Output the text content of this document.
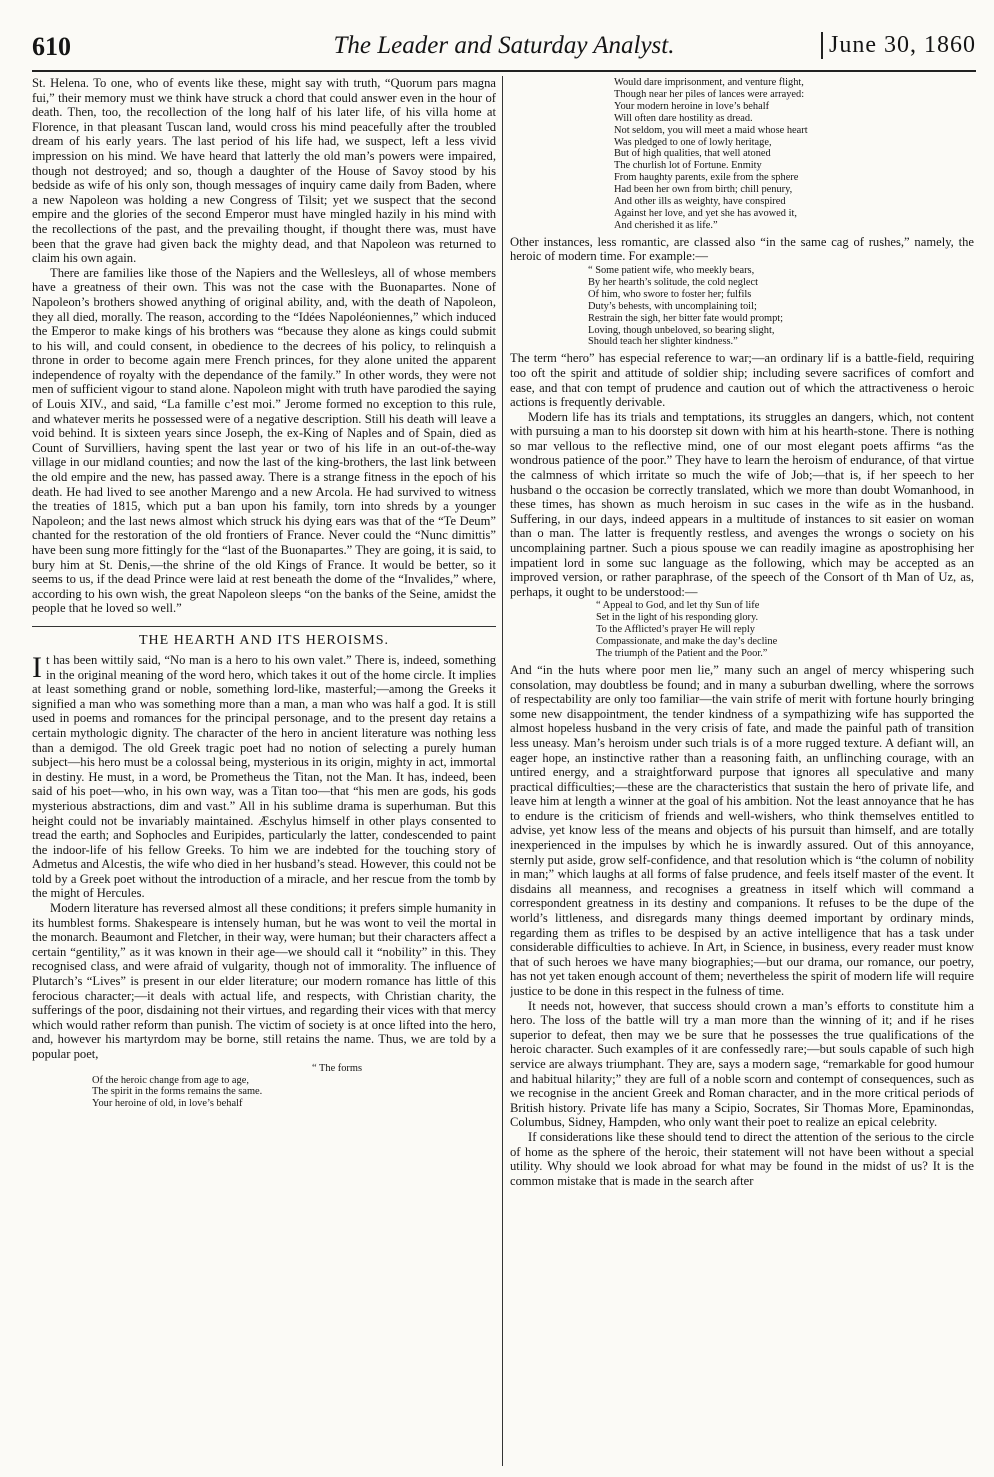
610	The Leader and Saturday Analyst.	June 30, 1860

St. Helena. To one, who of events like these, might say with truth, “Quorum pars magna fui,” their memory must we think have struck a chord that could answer even in the hour of death. Then, too, the recollection of the long half of his later life, of his villa home at Florence, in that pleasant Tuscan land, would cross his mind peacefully after the troubled dream of his early years. The last period of his life had, we suspect, left a less vivid impression on his mind. We have heard that latterly the old man’s powers were impaired, though not destroyed; and so, though a daughter of the House of Savoy stood by his bedside as wife of his only son, though messages of inquiry came daily from Baden, where a new Napoleon was holding a new Congress of Tilsit; yet we suspect that the second empire and the glories of the second Emperor must have mingled hazily in his mind with the recollections of the past, and the prevailing thought, if thought there was, must have been that the grave had given back the mighty dead, and that Napoleon was returned to claim his own again.

There are families like those of the Napiers and the Wellesleys, all of whose members have a greatness of their own. This was not the case with the Buonapartes. None of Napoleon’s brothers showed anything of original ability, and, with the death of Napoleon, they all died, morally. The reason, according to the “Idées Napoléoniennes,” which induced the Emperor to make kings of his brothers was “because they alone as kings could submit to his will, and could consent, in obedience to the decrees of his policy, to relinquish a throne in order to become again mere French princes, for they alone united the apparent independence of royalty with the dependance of the family.” In other words, they were not men of sufficient vigour to stand alone. Napoleon might with truth have parodied the saying of Louis XIV., and said, “La famille c’est moi.” Jerome formed no exception to this rule, and whatever merits he possessed were of a negative description. Still his death will leave a void behind. It is sixteen years since Joseph, the ex-King of Naples and of Spain, died as Count of Survilliers, having spent the last year or two of his life in an out-of-the-way village in our midland counties; and now the last of the king-brothers, the last link between the old empire and the new, has passed away. There is a strange fitness in the epoch of his death. He had lived to see another Marengo and a new Arcola. He had survived to witness the treaties of 1815, which put a ban upon his family, torn into shreds by a younger Napoleon; and the last news almost which struck his dying ears was that of the “Te Deum” chanted for the restoration of the old frontiers of France. Never could the “Nunc dimittis” have been sung more fittingly for the “last of the Buonapartes.” They are going, it is said, to bury him at St. Denis,—the shrine of the old Kings of France. It would be better, so it seems to us, if the dead Prince were laid at rest beneath the dome of the “Invalides,” where, according to his own wish, the great Napoleon sleeps “on the banks of the Seine, amidst the people that he loved so well.”

THE HEARTH AND ITS HEROISMS.

It has been wittily said, “No man is a hero to his own valet.” There is, indeed, something in the original meaning of the word hero, which takes it out of the home circle. It implies at least something grand or noble, something lord-like, masterful;—among the Greeks it signified a man who was something more than a man, a man who was half a god. It is still used in poems and romances for the principal personage, and to the present day retains a certain mythologic dignity. The character of the hero in ancient literature was nothing less than a demigod. The old Greek tragic poet had no notion of selecting a purely human subject—his hero must be a colossal being, mysterious in its origin, mighty in act, immortal in destiny. He must, in a word, be Prometheus the Titan, not the Man. It has, indeed, been said of his poet—who, in his own way, was a Titan too—that “his men are gods, his gods mysterious abstractions, dim and vast.” All in his sublime drama is superhuman. But this height could not be invariably maintained. Æschylus himself in other plays consented to tread the earth; and Sophocles and Euripides, particularly the latter, condescended to paint the indoor-life of his fellow Greeks. To him we are indebted for the touching story of Admetus and Alcestis, the wife who died in her husband’s stead. However, this could not be told by a Greek poet without the introduction of a miracle, and her rescue from the tomb by the might of Hercules.

Modern literature has reversed almost all these conditions; it prefers simple humanity in its humblest forms. Shakespeare is intensely human, but he was wont to veil the mortal in the monarch. Beaumont and Fletcher, in their way, were human; but their characters affect a certain “gentility,” as it was known in their age—we should call it “nobility” in this. They recognised class, and were afraid of vulgarity, though not of immorality. The influence of Plutarch’s “Lives” is present in our elder literature; our modern romance has little of this ferocious character;—it deals with actual life, and respects, with Christian charity, the sufferings of the poor, disdaining not their virtues, and regarding their vices with that mercy which would rather reform than punish. The victim of society is at once lifted into the hero, and, however his martyrdom may be borne, still retains the name. Thus, we are told by a popular poet,

“ The forms
Of the heroic change from age to age,
The spirit in the forms remains the same.
Your heroine of old, in love’s behalf
Would dare imprisonment, and venture flight,
Though near her piles of lances were arrayed:
Your modern heroine in love’s behalf
Will often dare hostility as dread.
Not seldom, you will meet a maid whose heart
Was pledged to one of lowly heritage,
But of high qualities, that well atoned
The churlish lot of Fortune. Enmity
From haughty parents, exile from the sphere
Had been her own from birth; chill penury,
And other ills as weighty, have conspired
Against her love, and yet she has avowed it,
And cherished it as life.”

Other instances, less romantic, are classed also “in the same cag of rushes,” namely, the heroic of modern time. For example:—

“ Some patient wife, who meekly bears,
By her hearth’s solitude, the cold neglect
Of him, who swore to foster her; fulfils
Duty’s behests, with uncomplaining toil;
Restrain the sigh, her bitter fate would prompt;
Loving, though unbeloved, so bearing slight,
Should teach her slighter kindness.”

The term “hero” has especial reference to war;—an ordinary lif is a battle-field, requiring too oft the spirit and attitude of soldier ship; including severe sacrifices of comfort and ease, and that con tempt of prudence and caution out of which the attractiveness o heroic actions is frequently derivable.

Modern life has its trials and temptations, its struggles an dangers, which, not content with pursuing a man to his doorstep sit down with him at his hearth-stone. There is nothing so mar vellous to the reflective mind, one of our most elegant poets affirms “as the wondrous patience of the poor.” They have to learn the heroism of endurance, of that virtue the calmness of which irritate so much the wife of Job;—that is, if her speech to her husband o the occasion be correctly translated, which we more than doubt Womanhood, in these times, has shown as much heroism in suc cases in the wife as in the husband. Suffering, in our days, indeed appears in a multitude of instances to sit easier on woman than o man. The latter is frequently restless, and avenges the wrongs o society on his uncomplaining partner. Such a pious spouse we can readily imagine as apostrophising her impatient lord in some suc language as the following, which may be accepted as an improved version, or rather paraphrase, of the speech of the Consort of th Man of Uz, as, perhaps, it ought to be understood:—

“ Appeal to God, and let thy Sun of life
Set in the light of his responding glory.
To the Afflicted’s prayer He will reply
Compassionate, and make the day’s decline
The triumph of the Patient and the Poor.”

And “in the huts where poor men lie,” many such an angel of mercy whispering such consolation, may doubtless be found; and in many a suburban dwelling, where the sorrows of respectability are only too familiar—the vain strife of merit with fortune hourly bringing some new disappointment, the tender kindness of a sympathizing wife has supported the almost hopeless husband in the very crisis of fate, and made the painful path of transition less uneasy. Man’s heroism under such trials is of a more rugged texture. A defiant will, an eager hope, an instinctive rather than a reasoning faith, an unflinching courage, with an untired energy, and a straightforward purpose that ignores all speculative and many practical difficulties;—these are the characteristics that sustain the hero of private life, and leave him at length a winner at the goal of his ambition. Not the least annoyance that he has to endure is the criticism of friends and well-wishers, who think themselves entitled to advise, yet know less of the means and objects of his pursuit than himself, and are totally inexperienced in the impulses by which he is inwardly assured. Out of this annoyance, sternly put aside, grow self-confidence, and that resolution which is “the column of nobility in man;” which laughs at all forms of false prudence, and feels itself master of the event. It disdains all meanness, and recognises a greatness in itself which will command a correspondent greatness in its destiny and companions. It refuses to be the dupe of the world’s littleness, and disregards many things deemed important by ordinary minds, regarding them as trifles to be despised by an active intelligence that has a task under considerable difficulties to achieve. In Art, in Science, in business, every reader must know that of such heroes we have many biographies;—but our drama, our romance, our poetry, has not yet taken enough account of them; nevertheless the spirit of modern life will require justice to be done in this respect in the fulness of time.

It needs not, however, that success should crown a man’s efforts to constitute him a hero. The loss of the battle will try a man more than the winning of it; and if he rises superior to defeat, then may we be sure that he possesses the true qualifications of the heroic character. Such examples of it are confessedly rare;—but souls capable of such high service are always triumphant. They are, says a modern sage, “remarkable for good humour and habitual hilarity;” they are full of a noble scorn and contempt of consequences, such as we recognise in the ancient Greek and Roman character, and in the more critical periods of British history. Private life has many a Scipio, Socrates, Sir Thomas More, Epaminondas, Columbus, Sidney, Hampden, who only want their poet to realize an epical celebrity.

If considerations like these should tend to direct the attention of the serious to the circle of home as the sphere of the heroic, their statement will not have been without a special utility. Why should we look abroad for what may be found in the midst of us? It is the common mistake that is made in the search after
